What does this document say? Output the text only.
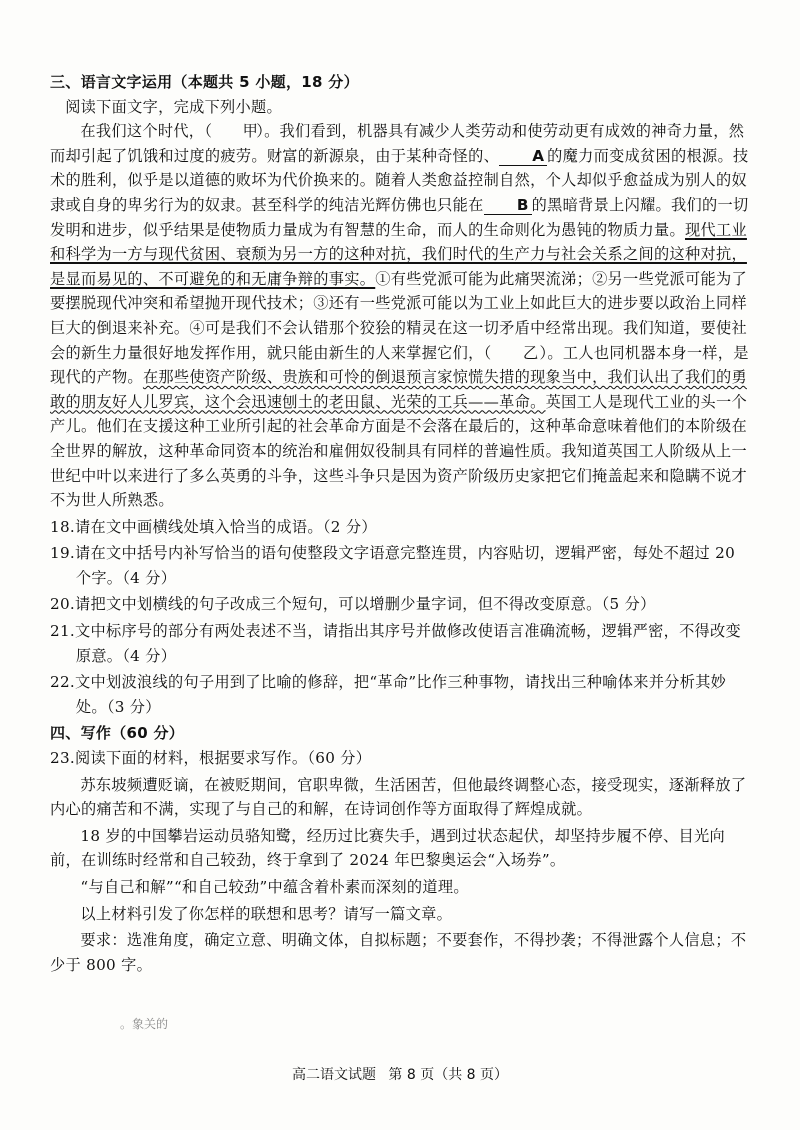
三、语言文字运用（本题共 5 小题，18 分）

阅读下面文字，完成下列小题。

在我们这个时代，（ 甲）。我们看到，机器具有减少人类劳动和使劳动更有成效的神奇力量，然而却引起了饥饿和过度的疲劳。财富的新源泉，由于某种奇怪的、 A 的魔力而变成贫困的根源。技术的胜利，似乎是以道德的败坏为代价换来的。随着人类愈益控制自然，个人却似乎愈益成为别人的奴隶或自身的卑劣行为的奴隶。甚至科学的纯洁光辉仿佛也只能在 B 的黑暗背景上闪耀。我们的一切发明和进步，似乎结果是使物质力量成为有智慧的生命，而人的生命则化为愚钝的物质力量。现代工业和科学为一方与现代贫困、衰颓为另一方的这种对抗，我们时代的生产力与社会关系之间的这种对抗，是显而易见的、不可避免的和无庸争辩的事实。①有些党派可能为此痛哭流涕；②另一些党派可能为了要摆脱现代冲突和希望抛开现代技术；③还有一些党派可能以为工业上如此巨大的进步要以政治上同样巨大的倒退来补充。④可是我们不会认错那个狡狯的精灵在这一切矛盾中经常出现。我们知道，要使社会的新生力量很好地发挥作用，就只能由新生的人来掌握它们，（ 乙）。工人也同机器本身一样，是现代的产物。在那些使资产阶级、贵族和可怜的倒退预言家惊慌失措的现象当中，我们认出了我们的勇敢的朋友好人儿罗宾，这个会迅速刨土的老田鼠、光荣的工兵——革命。英国工人是现代工业的头一个产儿。他们在支援这种工业所引起的社会革命方面是不会落在最后的，这种革命意味着他们的本阶级在全世界的解放，这种革命同资本的统治和雇佣奴役制具有同样的普遍性质。我知道英国工人阶级从上一世纪中叶以来进行了多么英勇的斗争，这些斗争只是因为资产阶级历史家把它们掩盖起来和隐瞒不说才不为世人所熟悉。

18.请在文中画横线处填入恰当的成语。（2 分）

19.请在文中括号内补写恰当的语句使整段文字语意完整连贯，内容贴切，逻辑严密，每处不超过 20 个字。（4 分）

20.请把文中划横线的句子改成三个短句，可以增删少量字词，但不得改变原意。（5 分）

21.文中标序号的部分有两处表述不当，请指出其序号并做修改使语言准确流畅，逻辑严密，不得改变原意。（4 分）

22.文中划波浪线的句子用到了比喻的修辞，把“革命”比作三种事物，请找出三种喻体来并分析其妙处。（3 分）

四、写作（60 分）

23.阅读下面的材料，根据要求写作。（60 分）

苏东坡频遭贬谪，在被贬期间，官职卑微，生活困苦，但他最终调整心态，接受现实，逐渐释放了内心的痛苦和不满，实现了与自己的和解，在诗词创作等方面取得了辉煌成就。

18 岁的中国攀岩运动员骆知鹭，经历过比赛失手，遇到过状态起伏，却坚持步履不停、目光向前，在训练时经常和自己较劲，终于拿到了 2024 年巴黎奥运会“入场券”。

“与自己和解”“和自己较劲”中蕴含着朴素而深刻的道理。

以上材料引发了你怎样的联想和思考？请写一篇文章。

要求：选准角度，确定立意、明确文体，自拟标题；不要套作，不得抄袭；不得泄露个人信息；不少于 800 字。

。象关的
高二语文试题 第 8 页（共 8 页）
